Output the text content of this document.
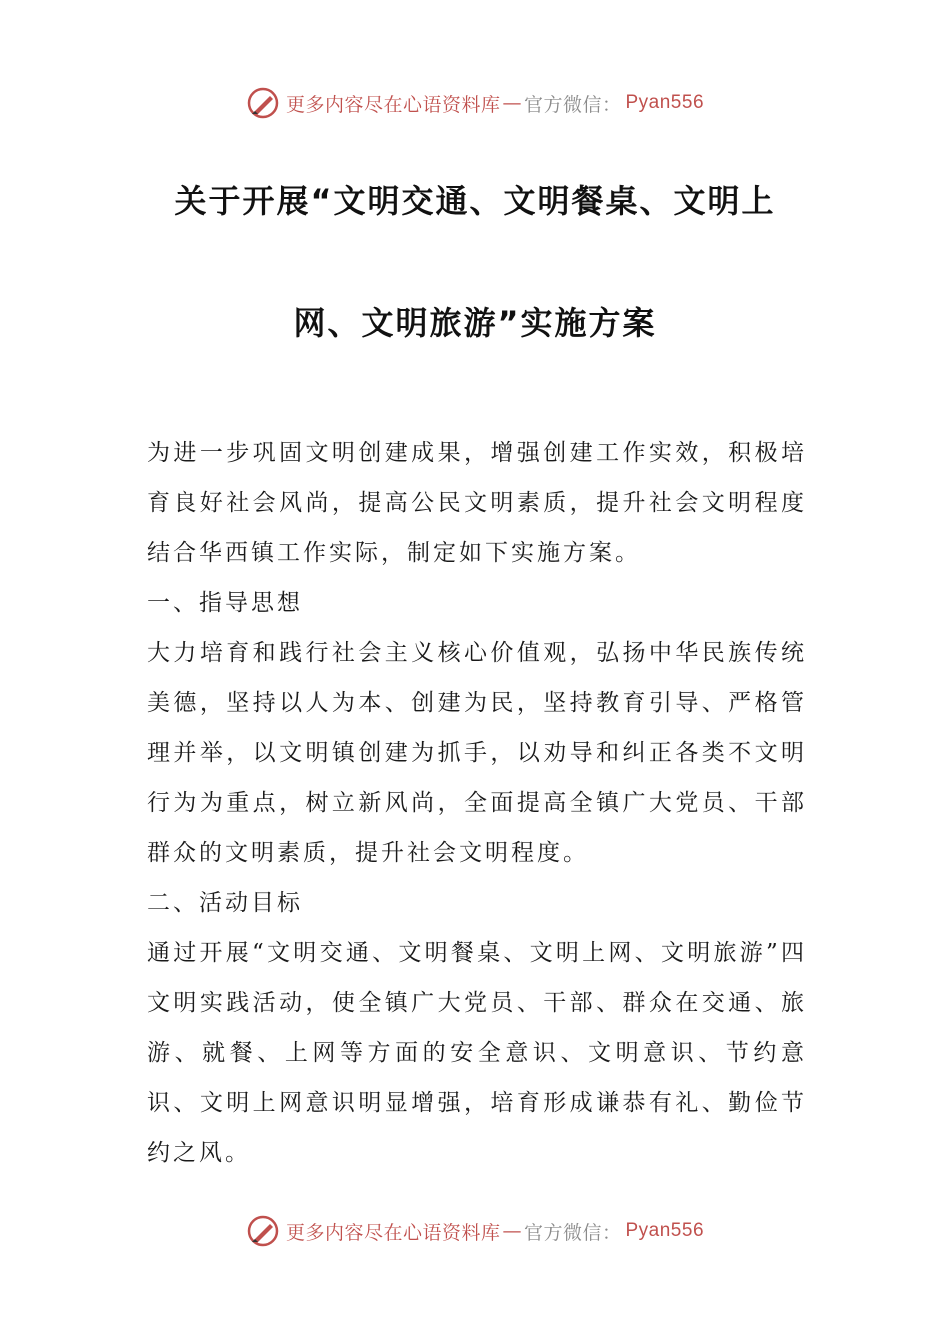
更多内容尽在心语资料库 — 官方微信： Pyan556
关于开展“文明交通、文明餐桌、文明上
网、文明旅游”实施方案

为进一步巩固文明创建成果，增强创建工作实效，积极培育良好社会风尚，提高公民文明素质，提升社会文明程度结合华西镇工作实际，制定如下实施方案。

一、指导思想

大力培育和践行社会主义核心价值观，弘扬中华民族传统美德，坚持以人为本、创建为民，坚持教育引导、严格管理并举，以文明镇创建为抓手，以劝导和纠正各类不文明行为为重点，树立新风尚，全面提高全镇广大党员、干部群众的文明素质，提升社会文明程度。

二、活动目标

通过开展“文明交通、文明餐桌、文明上网、文明旅游”四文明实践活动，使全镇广大党员、干部、群众在交通、旅游、就餐、上网等方面的安全意识、文明意识、节约意识、文明上网意识明显增强，培育形成谦恭有礼、勤俭节约之风。

更多内容尽在心语资料库 — 官方微信： Pyan556
